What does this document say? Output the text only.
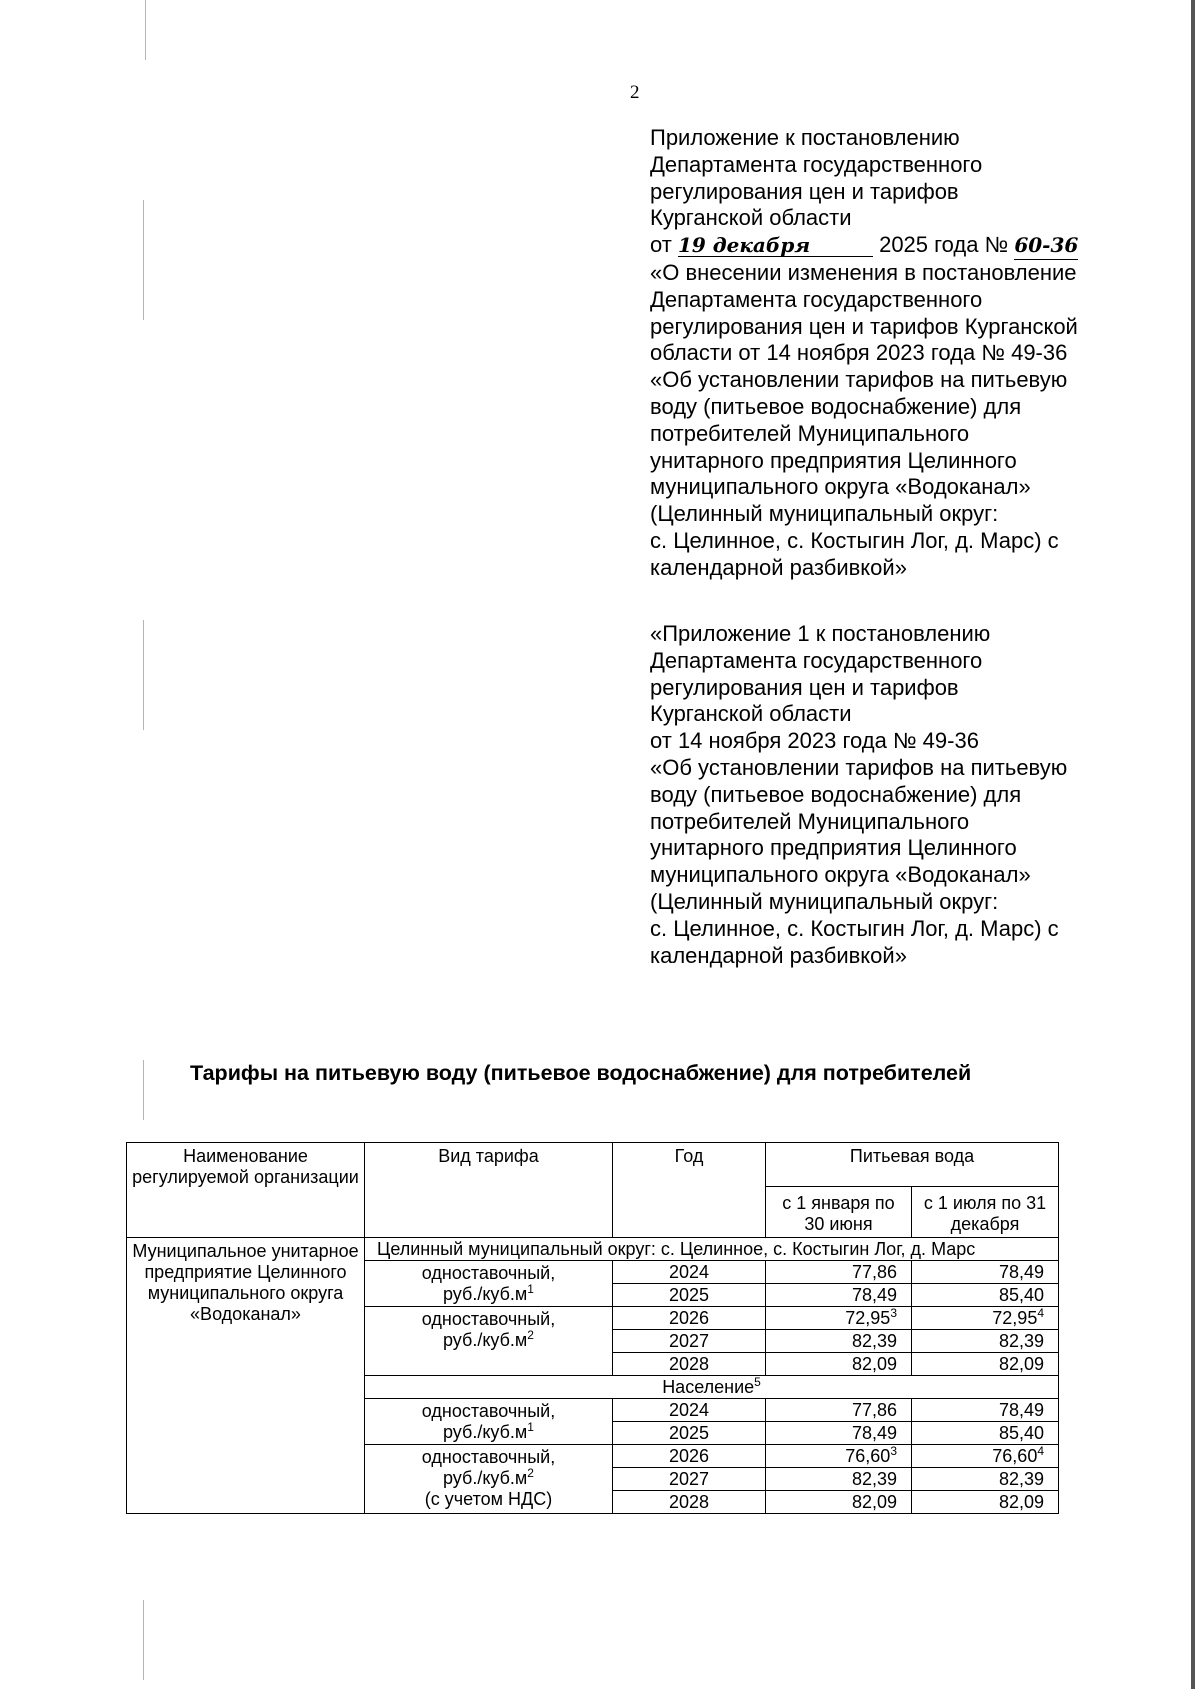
2
Приложение к постановлению
Департамента государственного
регулирования цен и тарифов
Курганской области
от 19 декабря	2025 года № 60-36
«О внесении изменения в постановление
Департамента государственного
регулирования цен и тарифов Курганской
области от 14 ноября 2023 года № 49-36
«Об установлении тарифов на питьевую
воду (питьевое водоснабжение) для
потребителей Муниципального
унитарного предприятия Целинного
муниципального округа «Водоканал»
(Целинный муниципальный округ:
с. Целинное, с. Костыгин Лог, д. Марс) с
календарной разбивкой»
«Приложение 1 к постановлению
Департамента государственного
регулирования цен и тарифов
Курганской области
от 14 ноября 2023 года № 49-36
«Об установлении тарифов на питьевую
воду (питьевое водоснабжение) для
потребителей Муниципального
унитарного предприятия Целинного
муниципального округа «Водоканал»
(Целинный муниципальный округ:
с. Целинное, с. Костыгин Лог, д. Марс) с
календарной разбивкой»
Тарифы на питьевую воду (питьевое водоснабжение) для потребителей
Наименование регулируемой организации	Вид тарифа	Год	Питьевая вода	
			с 1 января по 30 июня	с 1 июля по 31 декабря
Муниципальное унитарное предприятие Целинного муниципального округа «Водоканал»	Целинный муниципальный округ: с. Целинное, с. Костыгин Лог, д. Марс			
	одноставочный,
$руб./куб.м^1$	2024	77,86	78,49
		2025	78,49	85,40
	одноставочный,
$руб./куб.м^2$	2026	72,95$^3$	72,95$^4$
		2027	82,39	82,39
		2028	82,09	82,09
	Население$^5$
	одноставочный,
$руб./куб.м^1$	2024	77,86	78,49
		2025	78,49	85,40
	одноставочный,
$руб./куб.м^2$
(с учетом НДС)	2026	76,60$^3$	76,60$^4$
		2027	82,39	82,39
		2028	82,09	82,09
